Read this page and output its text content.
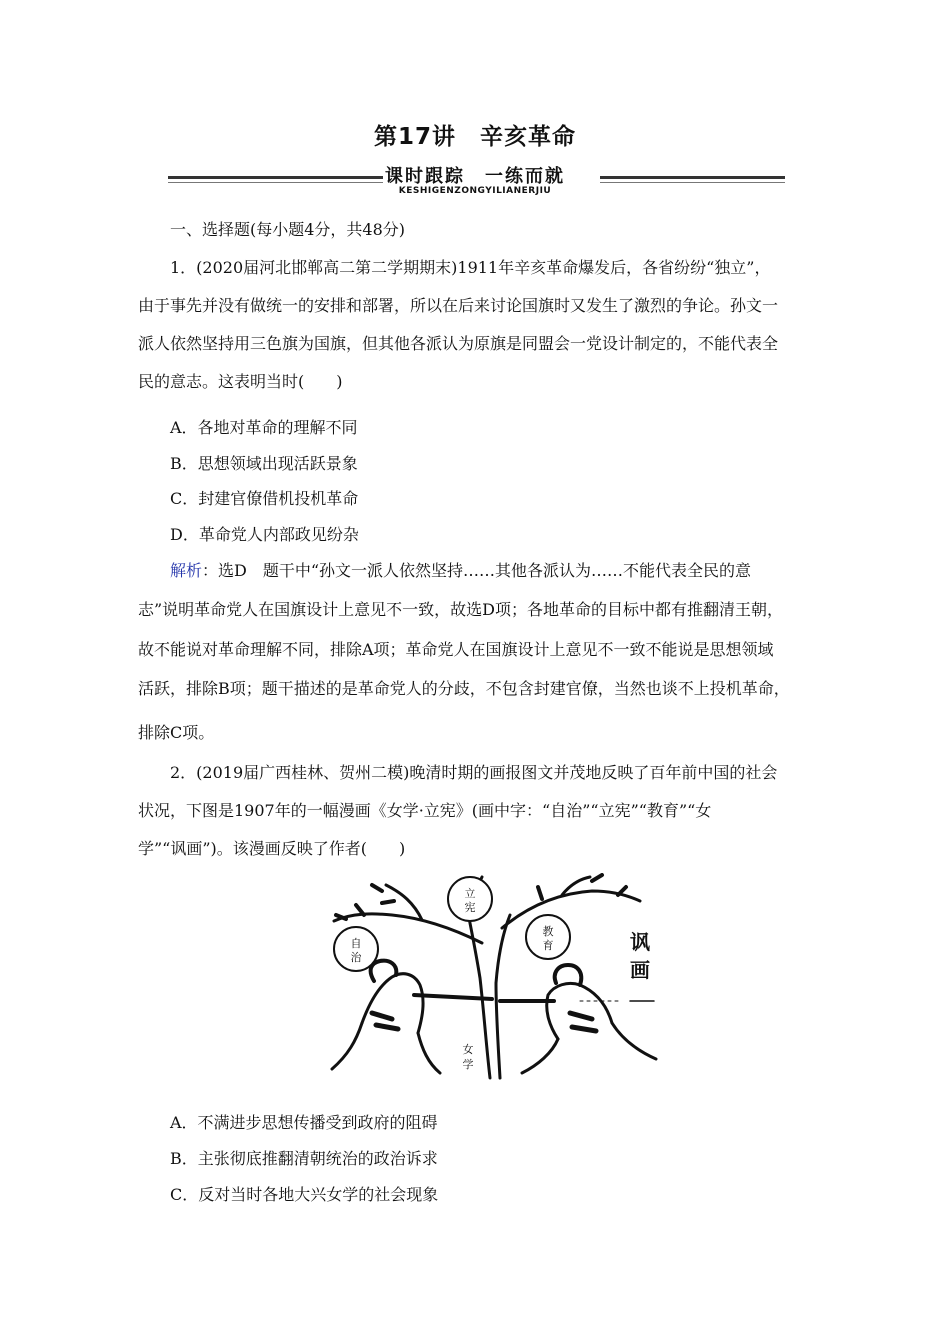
第17讲　辛亥革命
课时跟踪　一练而就
KESHIGENZONGYILIANERJIU
一、选择题(每小题4分，共48分)
1．(2020届河北邯郸高二第二学期期末)1911年辛亥革命爆发后，各省纷纷“独立”，
由于事先并没有做统一的安排和部署，所以在后来讨论国旗时又发生了激烈的争论。孙文一
派人依然坚持用三色旗为国旗，但其他各派认为原旗是同盟会一党设计制定的，不能代表全
民的意志。这表明当时(　　)
A．各地对革命的理解不同
B．思想领域出现活跃景象
C．封建官僚借机投机革命
D．革命党人内部政见纷杂
解析：选D　题干中“孙文一派人依然坚持……其他各派认为……不能代表全民的意
志”说明革命党人在国旗设计上意见不一致，故选D项；各地革命的目标中都有推翻清王朝，
故不能说对革命理解不同，排除A项；革命党人在国旗设计上意见不一致不能说是思想领域
活跃，排除B项；题干描述的是革命党人的分歧，不包含封建官僚，当然也谈不上投机革命，
排除C项。
2．(2019届广西桂林、贺州二模)晚清时期的画报图文并茂地反映了百年前中国的社会
状况，下图是1907年的一幅漫画《女学·立宪》(画中字：“自治”“立宪”“教育”“女
学”“讽画”)。该漫画反映了作者(　　)
自
治
立
宪
教
育
女
学
讽
画
A．不满进步思想传播受到政府的阻碍
B．主张彻底推翻清朝统治的政治诉求
C．反对当时各地大兴女学的社会现象
